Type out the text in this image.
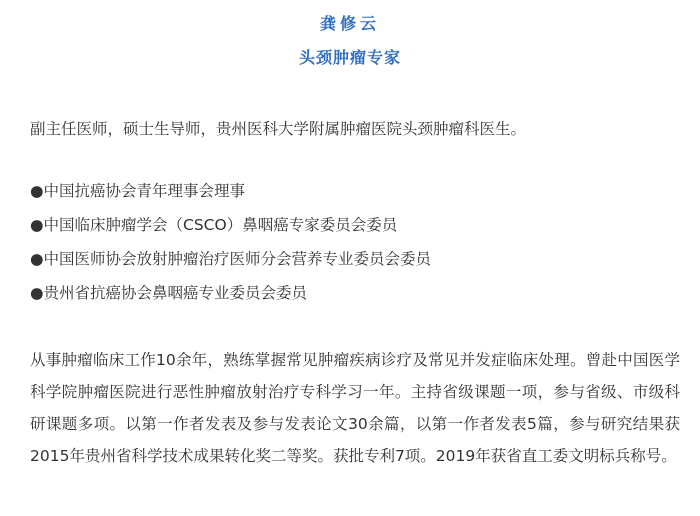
龚修云
头颈肿瘤专家

副主任医师，硕士生导师，贵州医科大学附属肿瘤医院头颈肿瘤科医生。

●中国抗癌协会青年理事会理事
●中国临床肿瘤学会（CSCO）鼻咽癌专家委员会委员
●中国医师协会放射肿瘤治疗医师分会营养专业委员会委员
●贵州省抗癌协会鼻咽癌专业委员会委员

从事肿瘤临床工作10余年，熟练掌握常见肿瘤疾病诊疗及常见并发症临床处理。曾赴中国医学科学院肿瘤医院进行恶性肿瘤放射治疗专科学习一年。主持省级课题一项，参与省级、市级科研课题多项。以第一作者发表及参与发表论文30余篇，以第一作者发表5篇，参与研究结果获2015年贵州省科学技术成果转化奖二等奖。获批专利7项。2019年获省直工委文明标兵称号。
